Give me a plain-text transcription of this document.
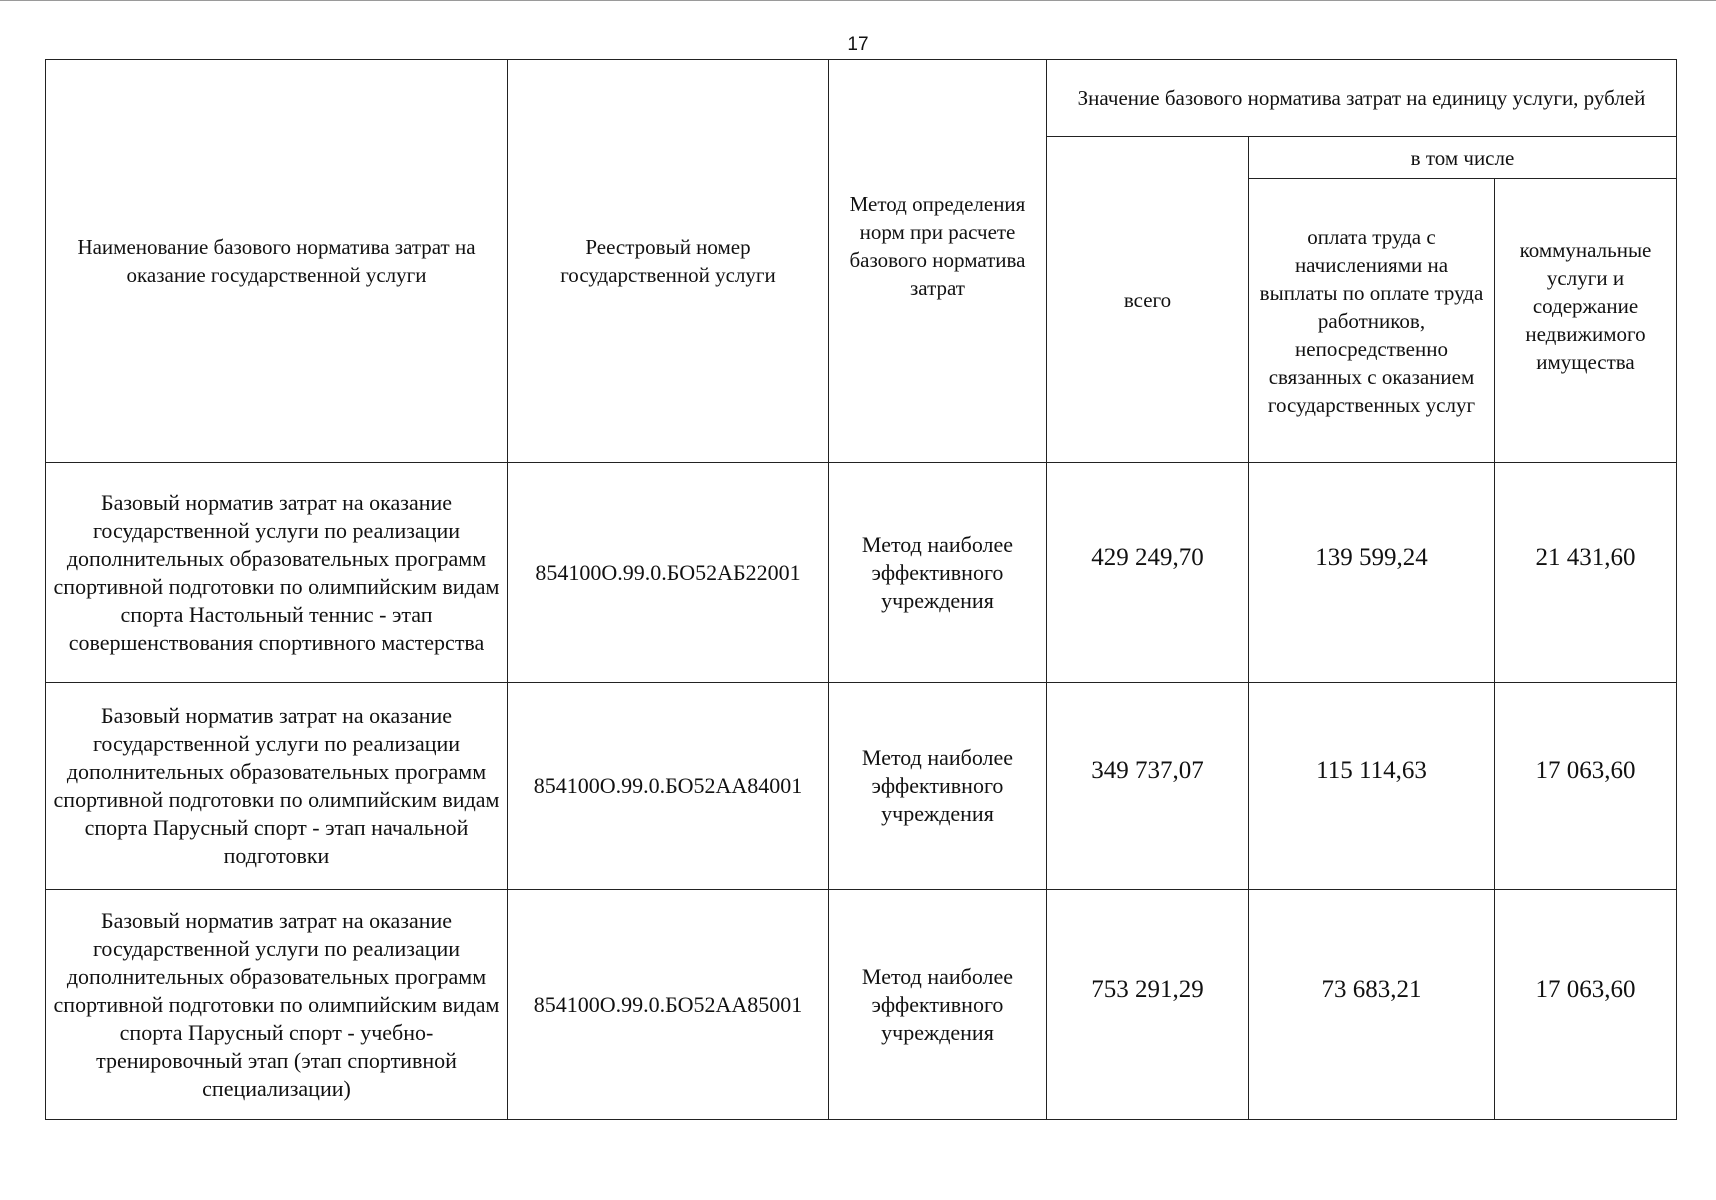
17
Наименование базового норматива затрат на оказание государственной услуги	Реестровый номер государственной услуги	Метод определения норм при расчете базового норматива затрат	Значение базового норматива затрат на единицу услуги, рублей		
			всего	в том числе	
				оплата труда с начислениями на выплаты по оплате труда работников, непосредственно связанных с оказанием государственных услуг	коммунальные услуги и содержание недвижимого имущества
Базовый норматив затрат на оказание государственной услуги по реализации дополнительных образовательных программ спортивной подготовки по олимпийским видам спорта Настольный теннис - этап совершенствования спортивного мастерства	854100О.99.0.БО52АБ22001	Метод наиболее эффективного учреждения	429 249,70	139 599,24	21 431,60
Базовый норматив затрат на оказание государственной услуги по реализации дополнительных образовательных программ спортивной подготовки по олимпийским видам спорта Парусный спорт - этап начальной подготовки	854100О.99.0.БО52АА84001	Метод наиболее эффективного учреждения	349 737,07	115 114,63	17 063,60
Базовый норматив затрат на оказание государственной услуги по реализации дополнительных образовательных программ спортивной подготовки по олимпийским видам спорта Парусный спорт - учебно-тренировочный этап (этап спортивной специализации)	854100О.99.0.БО52АА85001	Метод наиболее эффективного учреждения	753 291,29	73 683,21	17 063,60
